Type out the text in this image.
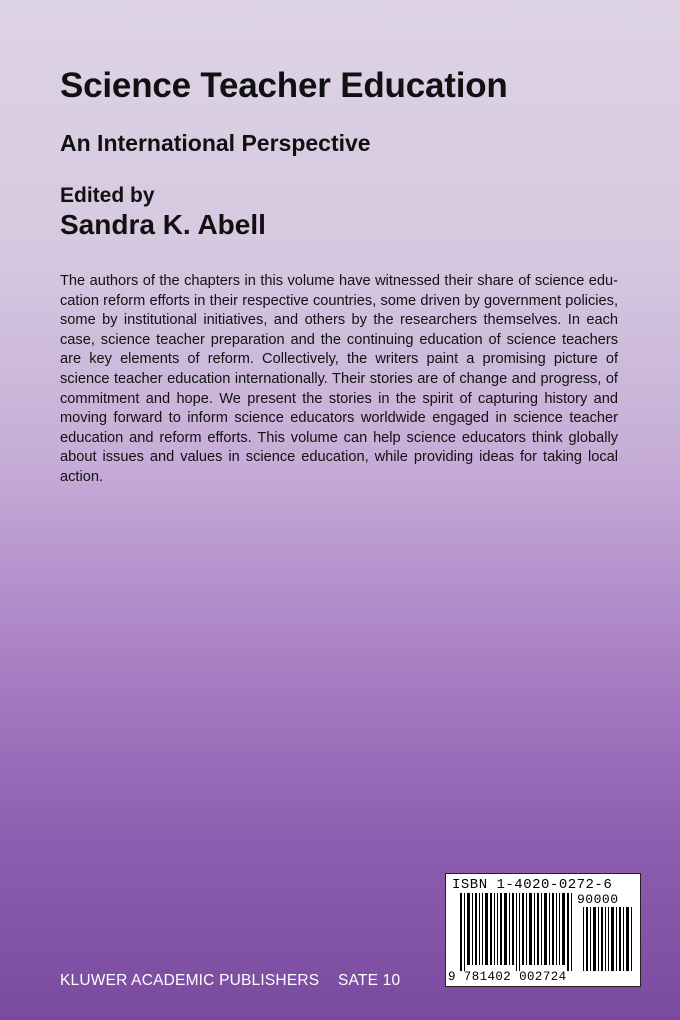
Science Teacher Education
An International Perspective
Edited by
Sandra K. Abell

The authors of the chapters in this volume have witnessed their share of science education reform efforts in their respective countries, some driven by government policies, some by institutional initiatives, and others by the researchers themselves. In each case, science teacher preparation and the continuing education of science teachers are key elements of reform. Collectively, the writers paint a promising picture of science teacher education internationally. Their stories are of change and progress, of commitment and hope. We present the stories in the spirit of capturing history and moving forward to inform science educators worldwide engaged in science teacher education and reform efforts. This volume can help science educators think globally about issues and values in science education, while providing ideas for taking local action.

KLUWER ACADEMIC PUBLISHERS SATE 10
ISBN 1-4020-0272-6
90000
9 781402 002724
